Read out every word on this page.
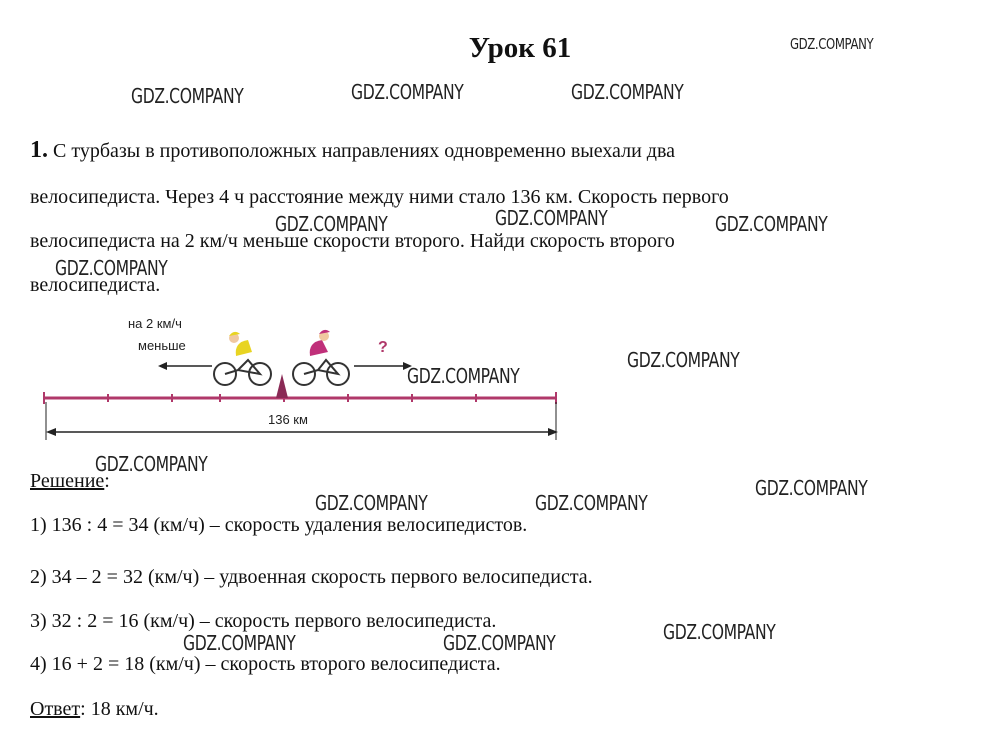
Урок 61
1. С турбазы в противоположных направлениях одновременно выехали два
велосипедиста. Через 4 ч расстояние между ними стало 136 км. Скорость первого
велосипедиста на 2 км/ч меньше скорости второго. Найди скорость второго
велосипедиста.
на 2 км/ч
меньше	?
136 км
Решение:
1) 136 : 4 = 34 (км/ч) – скорость удаления велосипедистов.
2) 34 – 2 = 32 (км/ч) – удвоенная скорость первого велосипедиста.
3) 32 : 2 = 16 (км/ч) – скорость первого велосипедиста.
4) 16 + 2 = 18 (км/ч) – скорость второго велосипедиста.
Ответ: 18 км/ч.
GDZ.COMPANY
GDZ.COMPANY	GDZ.COMPANY	GDZ.COMPANY
GDZ.COMPANY	GDZ.COMPANY	GDZ.COMPANY
GDZ.COMPANY
GDZ.COMPANY
GDZ.COMPANY
GDZ.COMPANY
GDZ.COMPANY
GDZ.COMPANY	GDZ.COMPANY
GDZ.COMPANY	GDZ.COMPANY	GDZ.COMPANY
